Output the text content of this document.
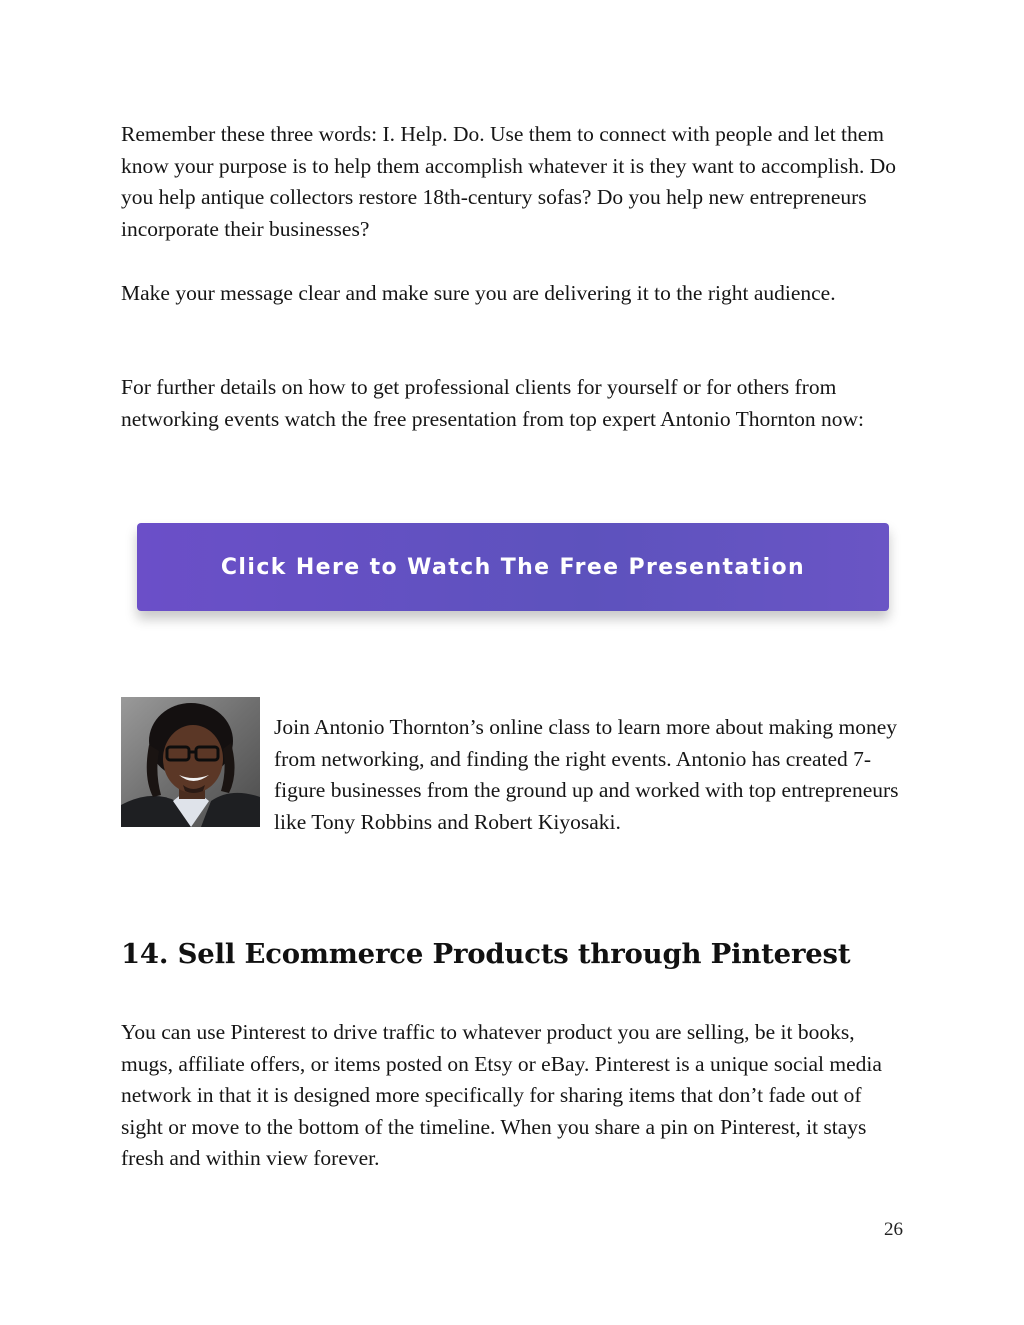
Remember these three words: I. Help. Do. Use them to connect with people and let them know your purpose is to help them accomplish whatever it is they want to accomplish. Do you help antique collectors restore 18th-century sofas? Do you help new entrepreneurs incorporate their businesses?

Make your message clear and make sure you are delivering it to the right audience.

For further details on how to get professional clients for yourself or for others from networking events watch the free presentation from top expert Antonio Thornton now:

Click Here to Watch The Free Presentation

Join Antonio Thornton’s online class to learn more about making money from networking, and finding the right events. Antonio has created 7-figure businesses from the ground up and worked with top entrepreneurs like Tony Robbins and Robert Kiyosaki.

14. Sell Ecommerce Products through Pinterest

You can use Pinterest to drive traffic to whatever product you are selling, be it books, mugs, affiliate offers, or items posted on Etsy or eBay. Pinterest is a unique social media network in that it is designed more specifically for sharing items that don’t fade out of sight or move to the bottom of the timeline. When you share a pin on Pinterest, it stays fresh and within view forever.

26
